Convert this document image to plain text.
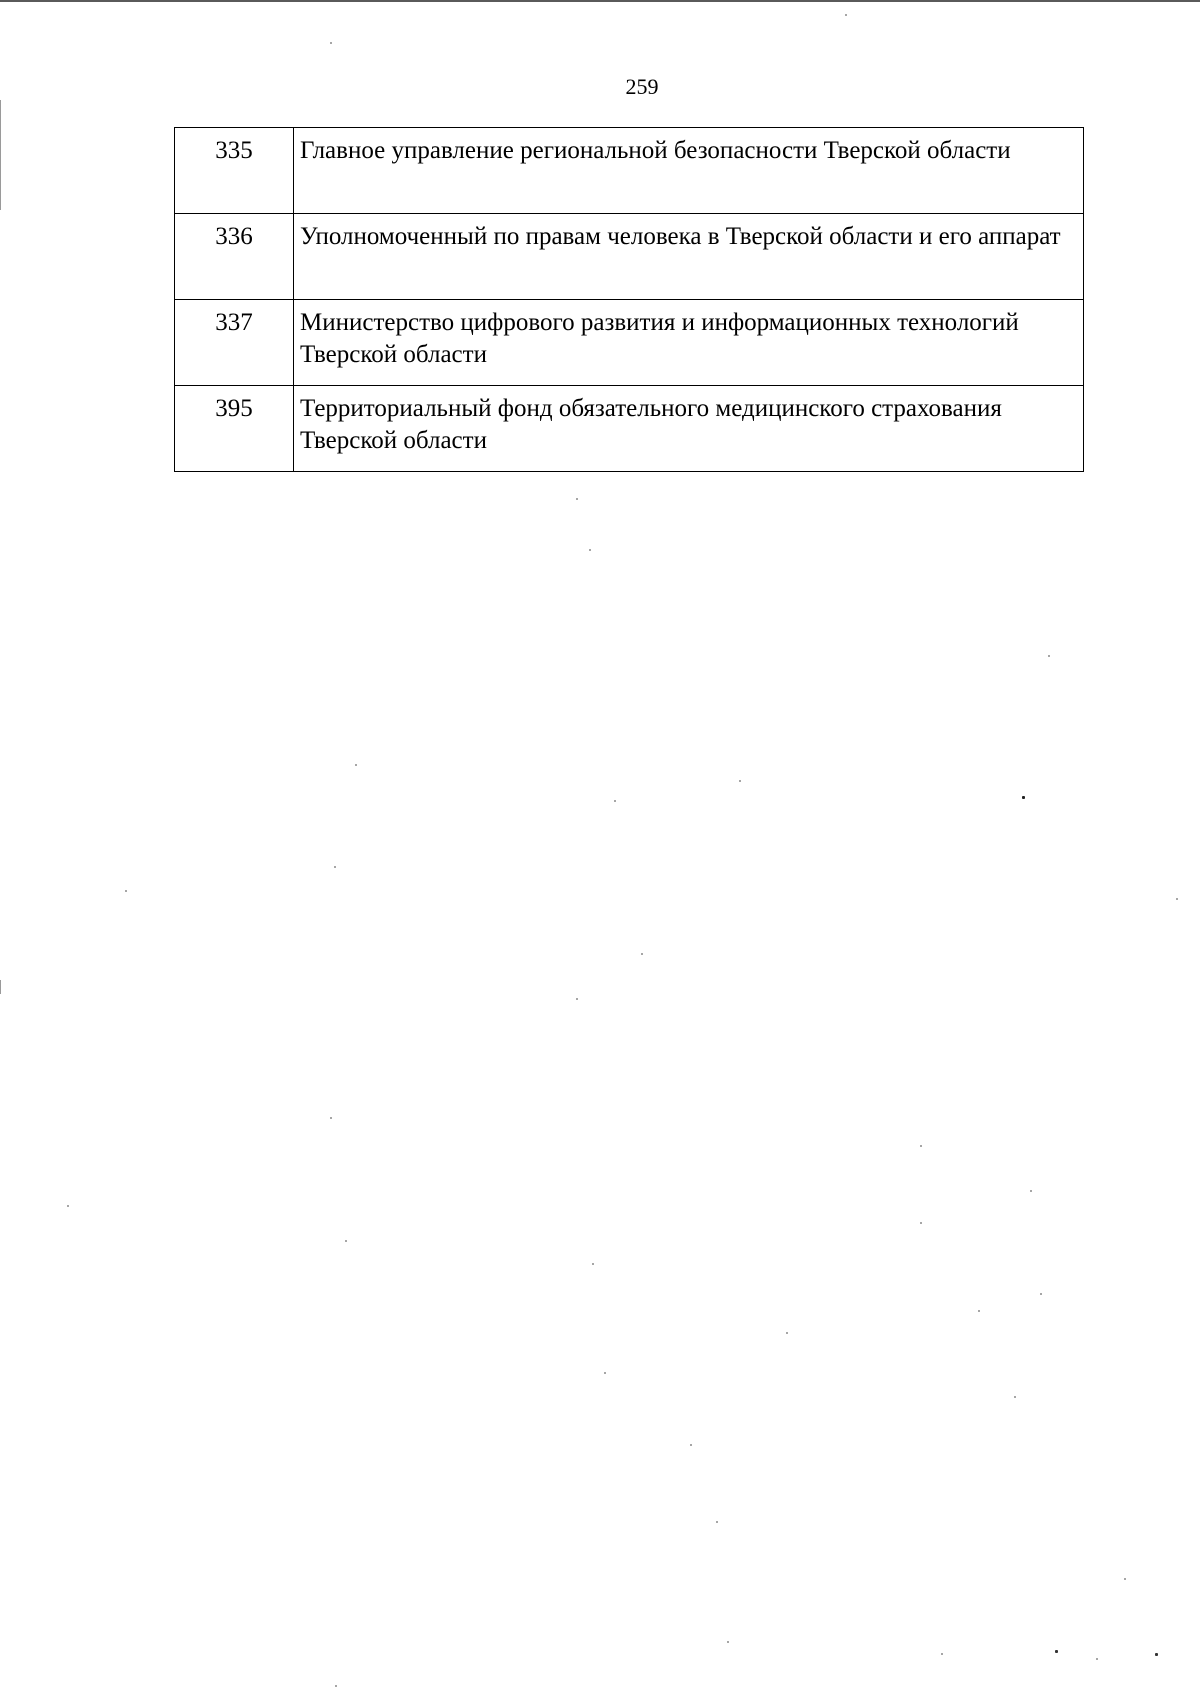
259
335	Главное управление региональной безопасности Тверской области
336	Уполномоченный по правам человека в Тверской области и его аппарат
337	Министерство цифрового развития и информационных технологий Тверской области
395	Территориальный фонд обязательного медицинского страхования Тверской области
